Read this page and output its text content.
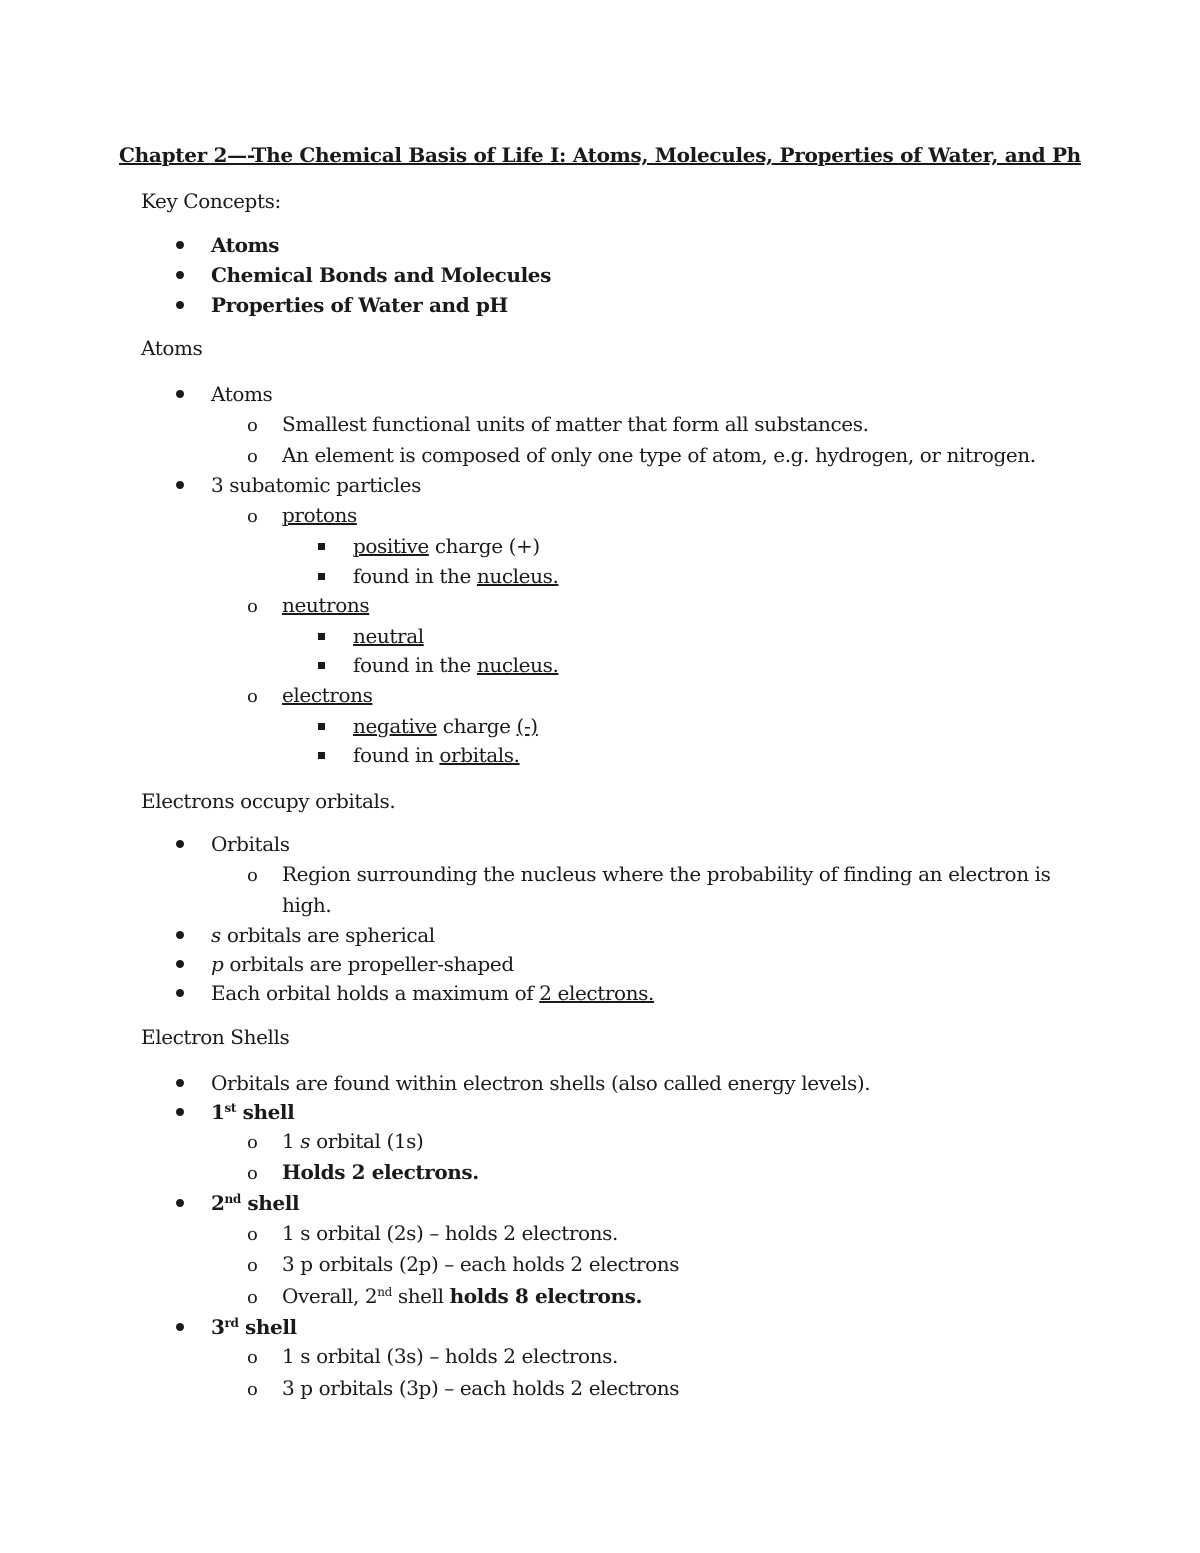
Chapter 2—-The Chemical Basis of Life I: Atoms, Molecules, Properties of Water, and Ph
Key Concepts:
Atoms
Chemical Bonds and Molecules
Properties of Water and pH
Atoms
Atoms
o Smallest functional units of matter that form all substances.
o An element is composed of only one type of atom, e.g. hydrogen, or nitrogen.
3 subatomic particles
o protons
positive charge (+)
found in the nucleus.
o neutrons
neutral
found in the nucleus.
o electrons
negative charge (-)
found in orbitals.
Electrons occupy orbitals.
Orbitals
o Region surrounding the nucleus where the probability of finding an electron is
high.
s orbitals are spherical
p orbitals are propeller-shaped
Each orbital holds a maximum of 2 electrons.
Electron Shells
Orbitals are found within electron shells (also called energy levels).
1st shell
o 1 s orbital (1s)
o Holds 2 electrons.
2nd shell
o 1 s orbital (2s) – holds 2 electrons.
o 3 p orbitals (2p) – each holds 2 electrons
o Overall, 2nd shell holds 8 electrons.
3rd shell
o 1 s orbital (3s) – holds 2 electrons.
o 3 p orbitals (3p) – each holds 2 electrons
